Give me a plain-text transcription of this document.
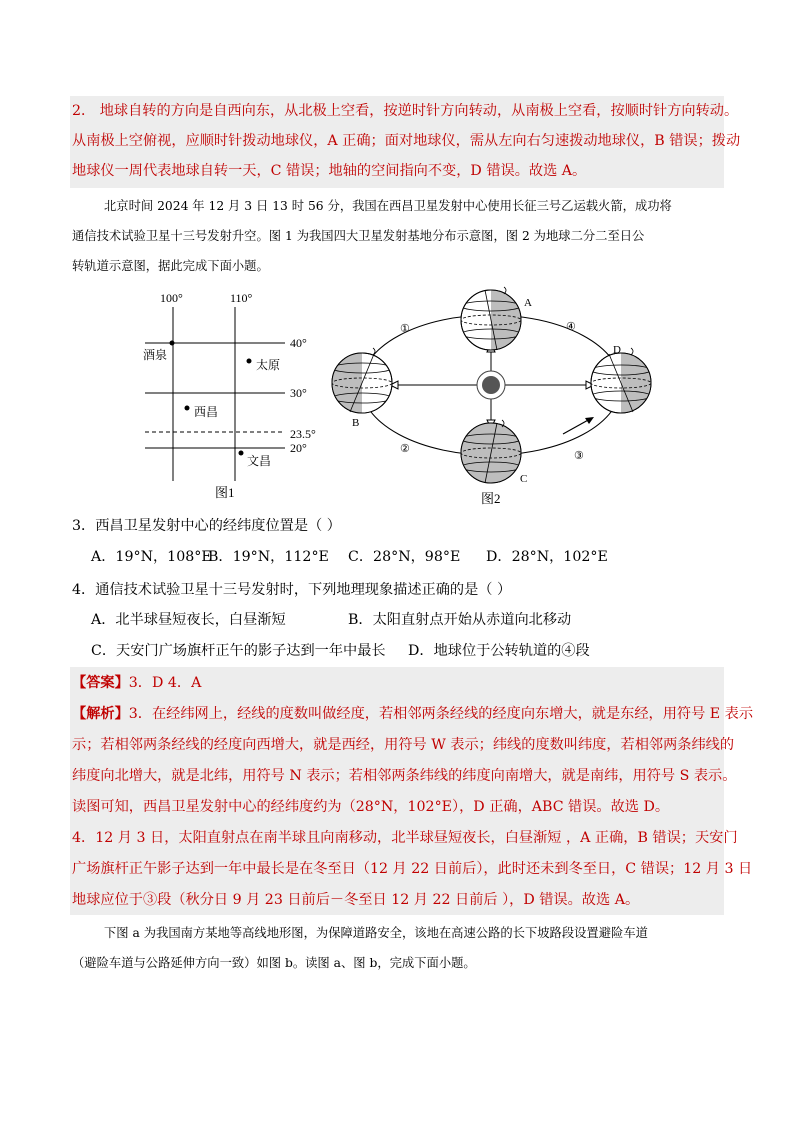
2． 地球自转的方向是自西向东，从北极上空看，按逆时针方向转动，从南极上空看，按顺时针方向转动。
从南极上空俯视，应顺时针拨动地球仪，A 正确；面对地球仪，需从左向右匀速拨动地球仪，B 错误；拨动
地球仪一周代表地球自转一天，C 错误；地轴的空间指向不变，D 错误。故选 A。
北京时间 2024 年 12 月 3 日 13 时 56 分，我国在西昌卫星发射中心使用长征三号乙运载火箭，成功将
通信技术试验卫星十三号发射升空。图 1 为我国四大卫星发射基地分布示意图，图 2 为地球二分二至日公
转轨道示意图，据此完成下面小题。
100°	110°
40°
30°
23.5°
20°
酒泉
太原
西昌
文昌
图1
A
B
C
D
①
②
③
④
图2
3．西昌卫星发射中心的经纬度位置是（ ）
A．19°N，108°E
B．19°N，112°E C．28°N，98°E D．28°N，102°E
4．通信技术试验卫星十三号发射时，下列地理现象描述正确的是（ ）
A．北半球昼短夜长，白昼渐短	B．太阳直射点开始从赤道向北移动
C．天安门广场旗杆正午的影子达到一年中最长 D．地球位于公转轨道的④段
【答案】3．D 4．A
【解析】3．在经纬网上，经线的度数叫做经度，若相邻两条经线的经度向东增大，就是东经，用符号 E 表示
示；若相邻两条经线的经度向西增大，就是西经，用符号 W 表示；纬线的度数叫纬度，若相邻两条纬线的
纬度向北增大，就是北纬，用符号 N 表示；若相邻两条纬线的纬度向南增大，就是南纬，用符号 S 表示。
读图可知，西昌卫星发射中心的经纬度约为（28°N，102°E），D 正确，ABC 错误。故选 D。
4．12 月 3 日，太阳直射点在南半球且向南移动，北半球昼短夜长，白昼渐短 ，A 正确，B 错误；天安门
广场旗杆正午影子达到一年中最长是在冬至日（12 月 22 日前后），此时还未到冬至日，C 错误；12 月 3 日
地球应位于③段（秋分日 9 月 23 日前后－冬至日 12 月 22 日前后 ），D 错误。故选 A。
下图 a 为我国南方某地等高线地形图，为保障道路安全，该地在高速公路的长下坡路段设置避险车道
（避险车道与公路延伸方向一致）如图 b。读图 a、图 b，完成下面小题。
